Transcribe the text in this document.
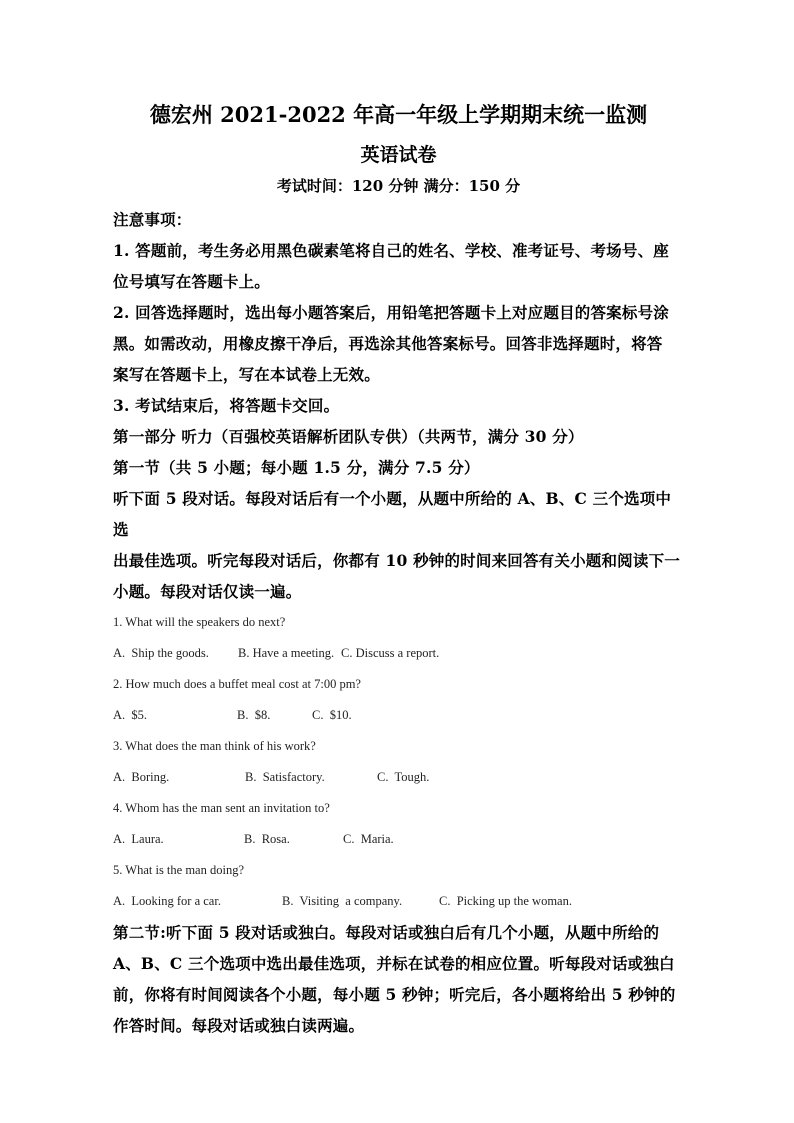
德宏州 2021-2022 年高一年级上学期期末统一监测
英语试卷
考试时间：120 分钟 满分：150 分

注意事项：

1. 答题前，考生务必用黑色碳素笔将自己的姓名、学校、准考证号、考场号、座

位号填写在答题卡上。

2. 回答选择题时，选出每小题答案后，用铅笔把答题卡上对应题目的答案标号涂

黑。如需改动，用橡皮擦干净后，再选涂其他答案标号。回答非选择题时，将答

案写在答题卡上，写在本试卷上无效。

3. 考试结束后，将答题卡交回。

第一部分 听力（百强校英语解析团队专供）（共两节，满分 30 分）

第一节（共 5 小题；每小题 1.5 分，满分 7.5 分）

听下面 5 段对话。每段对话后有一个小题，从题中所给的 A、B、C 三个选项中选

出最佳选项。听完每段对话后，你都有 10 秒钟的时间来回答有关小题和阅读下一

小题。每段对话仅读一遍。

1. What will the speakers do next?

A.  Ship the goods. B. Have a meeting. C. Discuss a report.

2. How much does a buffet meal cost at 7:00 pm?

A.  $5.	B.  $8.	C.  $10.

3. What does the man think of his work?

A.  Boring.	B.  Satisfactory.	C.  Tough.

4. Whom has the man sent an invitation to?

A.  Laura.	B.  Rosa.	C.  Maria.

5. What is the man doing?

A.  Looking for a car.	B.  Visiting  a company.	C.  Picking up the woman.

第二节:听下面 5 段对话或独白。每段对话或独白后有几个小题，从题中所给的

A、B、C 三个选项中选出最佳选项，并标在试卷的相应位置。听每段对话或独白

前，你将有时间阅读各个小题，每小题 5 秒钟；听完后，各小题将给出 5 秒钟的

作答时间。每段对话或独白读两遍。
